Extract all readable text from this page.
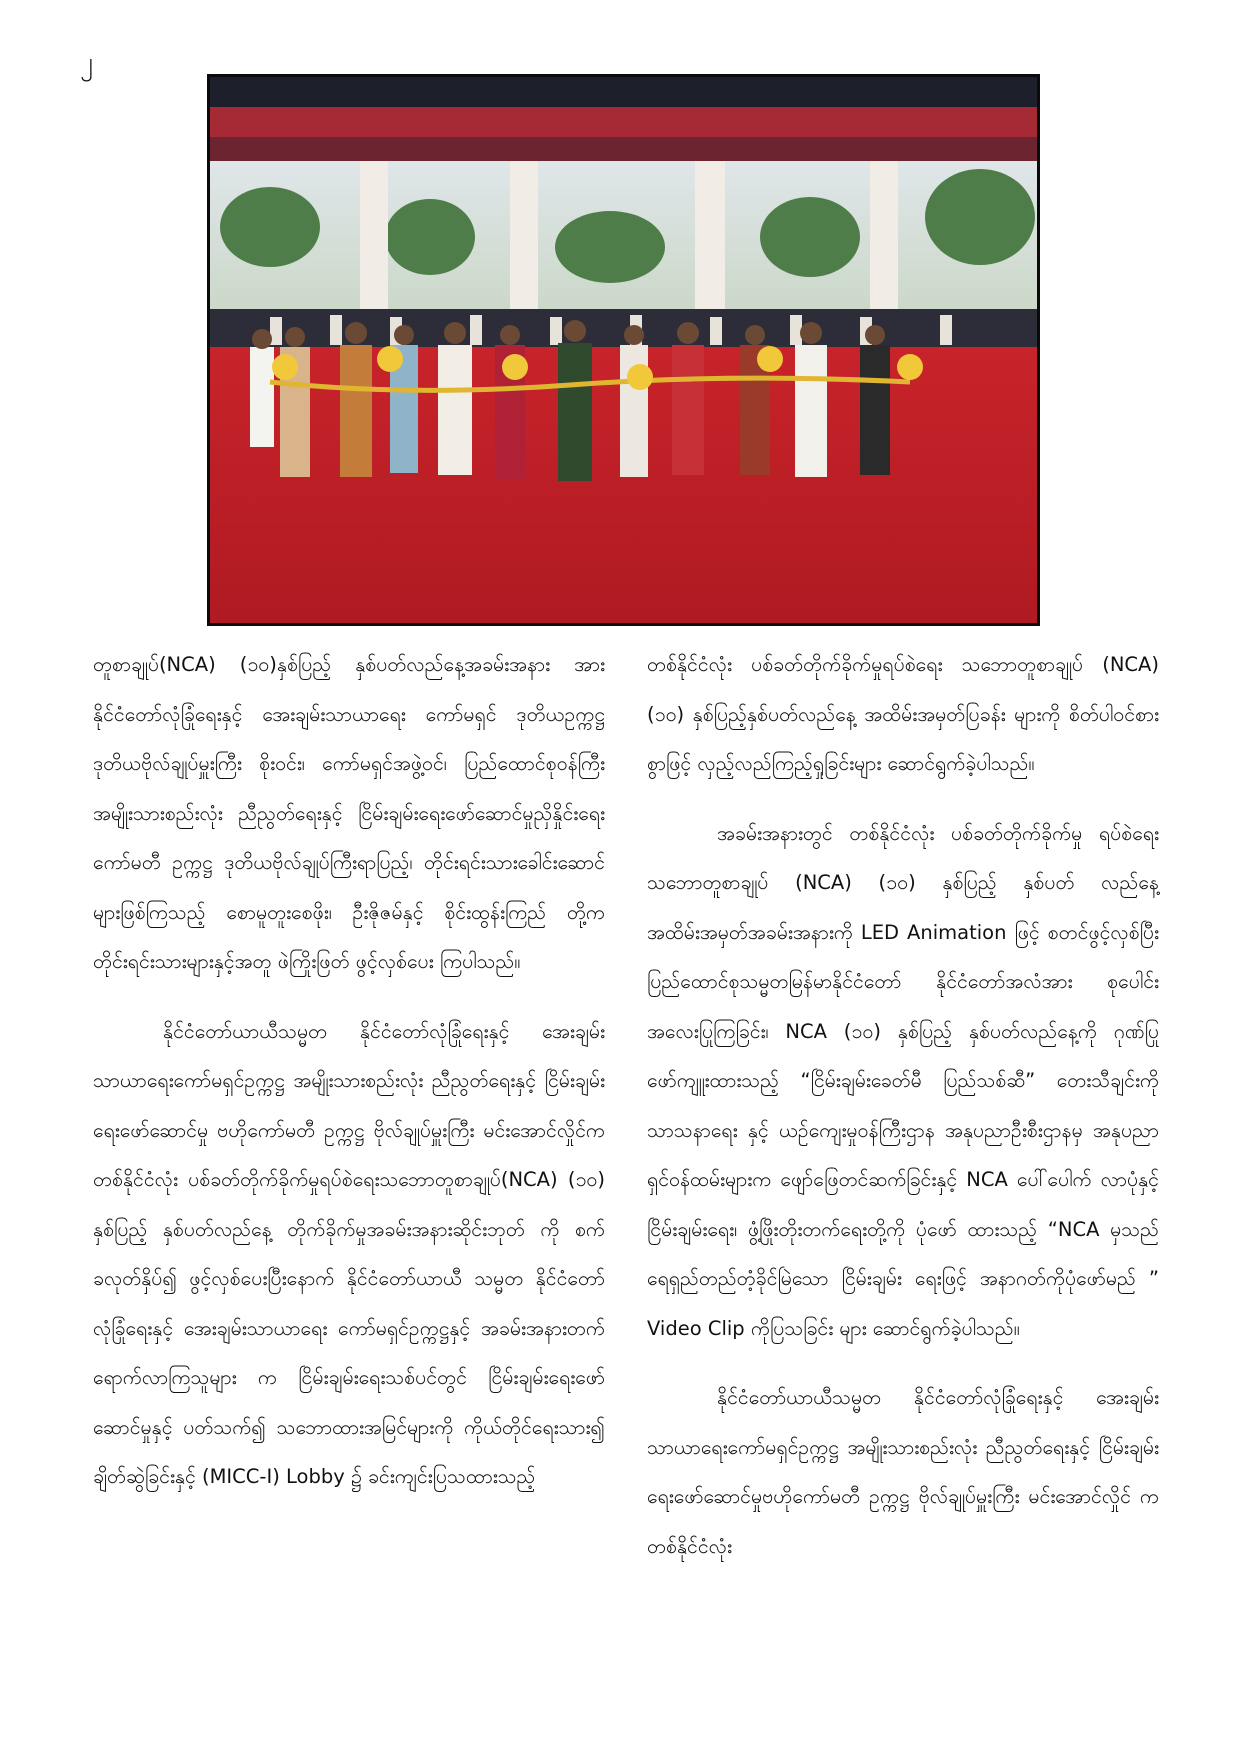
၂

တူစာချုပ်(NCA) (၁၀)နှစ်ပြည့် နှစ်ပတ်လည်နေ့အခမ်းအနား အား နိုင်ငံတော်လုံခြုံရေးနှင့် အေးချမ်းသာယာရေး ကော်မရှင် ဒုတိယဥက္ကဋ္ဌ ဒုတိယဗိုလ်ချုပ်မှူးကြီး စိုးဝင်း၊ ကော်မရှင်အဖွဲ့ဝင်၊ ပြည်ထောင်စုဝန်ကြီး အမျိုးသားစည်းလုံး ညီညွတ်ရေးနှင့် ငြိမ်းချမ်းရေးဖော်ဆောင်မှုညှိနှိုင်းရေးကော်မတီ ဥက္ကဋ္ဌ ဒုတိယဗိုလ်ချုပ်ကြီးရာပြည့်၊ တိုင်းရင်းသားခေါင်းဆောင် များဖြစ်ကြသည့် စောမူတူးစေဖိုး၊ ဦးဇိုဇမ်နှင့် စိုင်းထွန်းကြည် တို့က တိုင်းရင်းသားများနှင့်အတူ ဖဲကြိုးဖြတ် ဖွင့်လှစ်ပေး ကြပါသည်။

နိုင်ငံတော်ယာယီသမ္မတ နိုင်ငံတော်လုံခြုံရေးနှင့် အေးချမ်းသာယာရေးကော်မရှင်ဥက္ကဋ္ဌ အမျိုးသားစည်းလုံး ညီညွတ်ရေးနှင့် ငြိမ်းချမ်းရေးဖော်ဆောင်မှု ဗဟိုကော်မတီ ဥက္ကဋ္ဌ ဗိုလ်ချုပ်မှူးကြီး မင်းအောင်လှိုင်က တစ်နိုင်ငံလုံး ပစ်ခတ်တိုက်ခိုက်မှုရပ်စဲရေးသဘောတူစာချုပ်(NCA) (၁၀) နှစ်ပြည့် နှစ်ပတ်လည်နေ့ တိုက်ခိုက်မှုအခမ်းအနားဆိုင်းဘုတ် ကို စက်ခလုတ်နှိပ်၍ ဖွင့်လှစ်ပေးပြီးနောက် နိုင်ငံတော်ယာယီ သမ္မတ နိုင်ငံတော်လုံခြုံရေးနှင့် အေးချမ်းသာယာရေး ကော်မရှင်ဥက္ကဋ္ဌနှင့် အခမ်းအနားတက်ရောက်လာကြသူများ က ငြိမ်းချမ်းရေးသစ်ပင်တွင် ငြိမ်းချမ်းရေးဖော်ဆောင်မှုနှင့် ပတ်သက်၍ သဘောထားအမြင်များကို ကိုယ်တိုင်ရေးသား၍ ချိတ်ဆွဲခြင်းနှင့် (MICC-I) Lobby ၌ ခင်းကျင်းပြသထားသည့်

တစ်နိုင်ငံလုံး ပစ်ခတ်တိုက်ခိုက်မှုရပ်စဲရေး သဘောတူစာချုပ် (NCA) (၁၀) နှစ်ပြည့်နှစ်ပတ်လည်နေ့ အထိမ်းအမှတ်ပြခန်း များကို စိတ်ပါဝင်စားစွာဖြင့် လှည့်လည်ကြည့်ရှုခြင်းများ ဆောင်ရွက်ခဲ့ပါသည်။

အခမ်းအနားတွင် တစ်နိုင်ငံလုံး ပစ်ခတ်တိုက်ခိုက်မှု ရပ်စဲရေး သဘောတူစာချုပ် (NCA) (၁၀) နှစ်ပြည့် နှစ်ပတ် လည်နေ့ အထိမ်းအမှတ်အခမ်းအနားကို LED Animation ဖြင့် စတင်ဖွင့်လှစ်ပြီး ပြည်ထောင်စုသမ္မတမြန်မာနိုင်ငံတော် နိုင်ငံတော်အလံအား စုပေါင်းအလေးပြုကြခြင်း၊ NCA (၁၀) နှစ်ပြည့် နှစ်ပတ်လည်နေ့ကို ဂုဏ်ပြုဖော်ကျူးထားသည့် “ငြိမ်းချမ်းခေတ်မီ ပြည်သစ်ဆီ” တေးသီချင်းကို သာသနာရေး နှင့် ယဉ်ကျေးမှုဝန်ကြီးဌာန အနုပညာဦးစီးဌာနမှ အနုပညာ ရှင်ဝန်ထမ်းများက ဖျော်ဖြေတင်ဆက်ခြင်းနှင့် NCA ပေါ်ပေါက် လာပုံနှင့် ငြိမ်းချမ်းရေး၊ ဖွံ့ဖြိုးတိုးတက်ရေးတို့ကို ပုံဖော် ထားသည့် “NCA မှသည် ရေရှည်တည်တံ့ခိုင်မြဲသော ငြိမ်းချမ်း ရေးဖြင့် အနာဂတ်ကိုပုံဖော်မည် ” Video Clip ကိုပြသခြင်း များ ဆောင်ရွက်ခဲ့ပါသည်။

နိုင်ငံတော်ယာယီသမ္မတ နိုင်ငံတော်လုံခြုံရေးနှင့် အေးချမ်းသာယာရေးကော်မရှင်ဥက္ကဋ္ဌ အမျိုးသားစည်းလုံး ညီညွတ်ရေးနှင့် ငြိမ်းချမ်းရေးဖော်ဆောင်မှုဗဟိုကော်မတီ ဥက္ကဋ္ဌ ဗိုလ်ချုပ်မှူးကြီး မင်းအောင်လှိုင် က တစ်နိုင်ငံလုံး
